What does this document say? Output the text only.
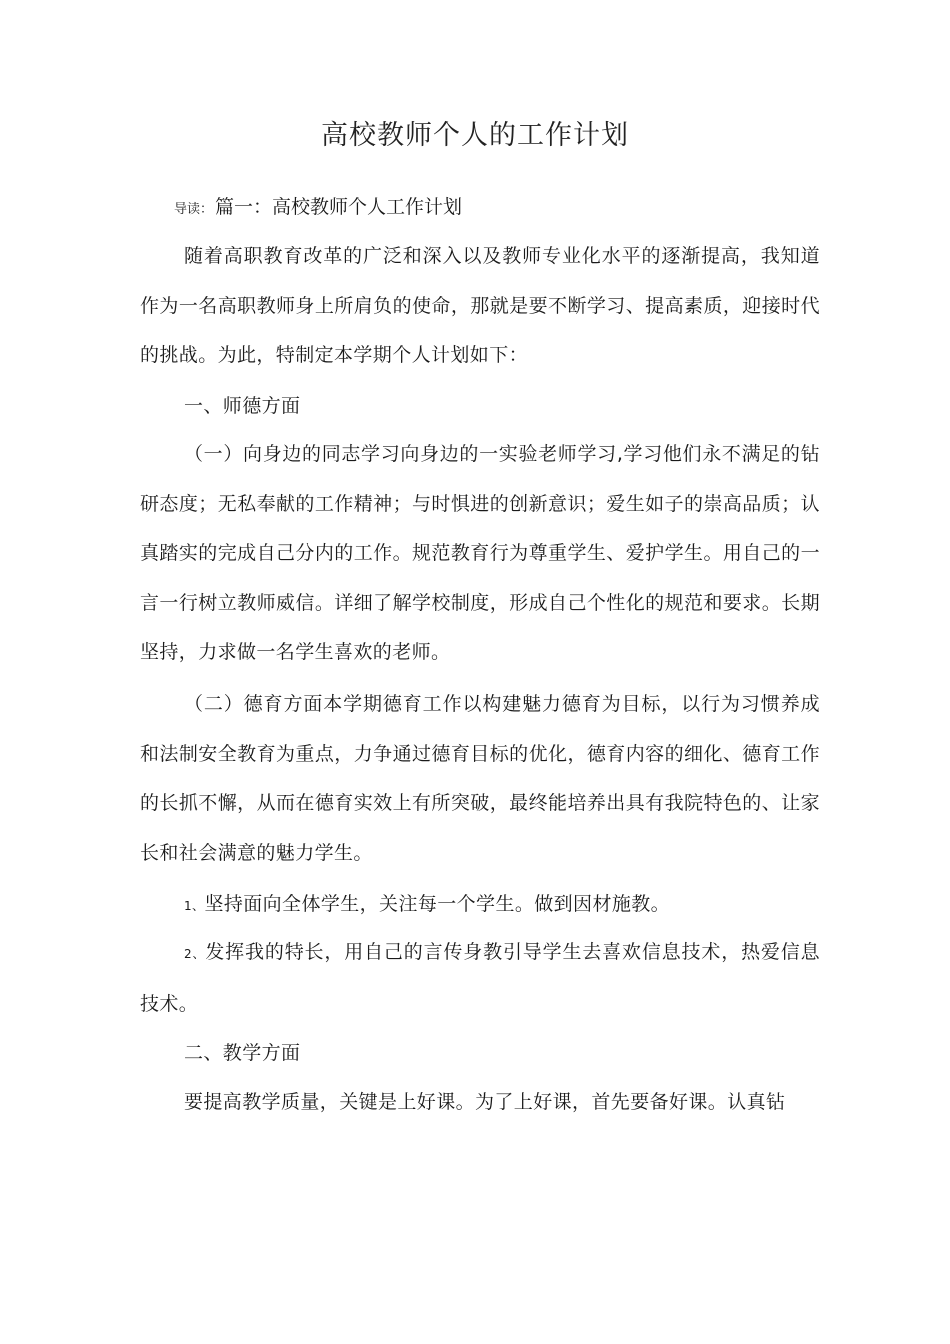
高校教师个人的工作计划
导读： 篇一：高校教师个人工作计划
随着高职教育改革的广泛和深入以及教师专业化水平的逐渐提高，我知道作为一名高职教师身上所肩负的使命，那就是要不断学习、提高素质，迎接时代的挑战。为此，特制定本学期个人计划如下：
一、师德方面
（一）向身边的同志学习向身边的一实验老师学习,学习他们永不满足的钻研态度；无私奉献的工作精神；与时惧进的创新意识；爱生如子的崇高品质；认真踏实的完成自己分内的工作。规范教育行为尊重学生、爱护学生。用自己的一言一行树立教师威信。详细了解学校制度，形成自己个性化的规范和要求。长期坚持，力求做一名学生喜欢的老师。
（二）德育方面本学期德育工作以构建魅力德育为目标，以行为习惯养成和法制安全教育为重点，力争通过德育目标的优化，德育内容的细化、德育工作的长抓不懈，从而在德育实效上有所突破，最终能培养出具有我院特色的、让家长和社会满意的魅力学生。
1、坚持面向全体学生，关注每一个学生。做到因材施教。
2、发挥我的特长，用自己的言传身教引导学生去喜欢信息技术，热爱信息技术。
二、教学方面
要提高教学质量，关键是上好课。为了上好课，首先要备好课。认真钻
